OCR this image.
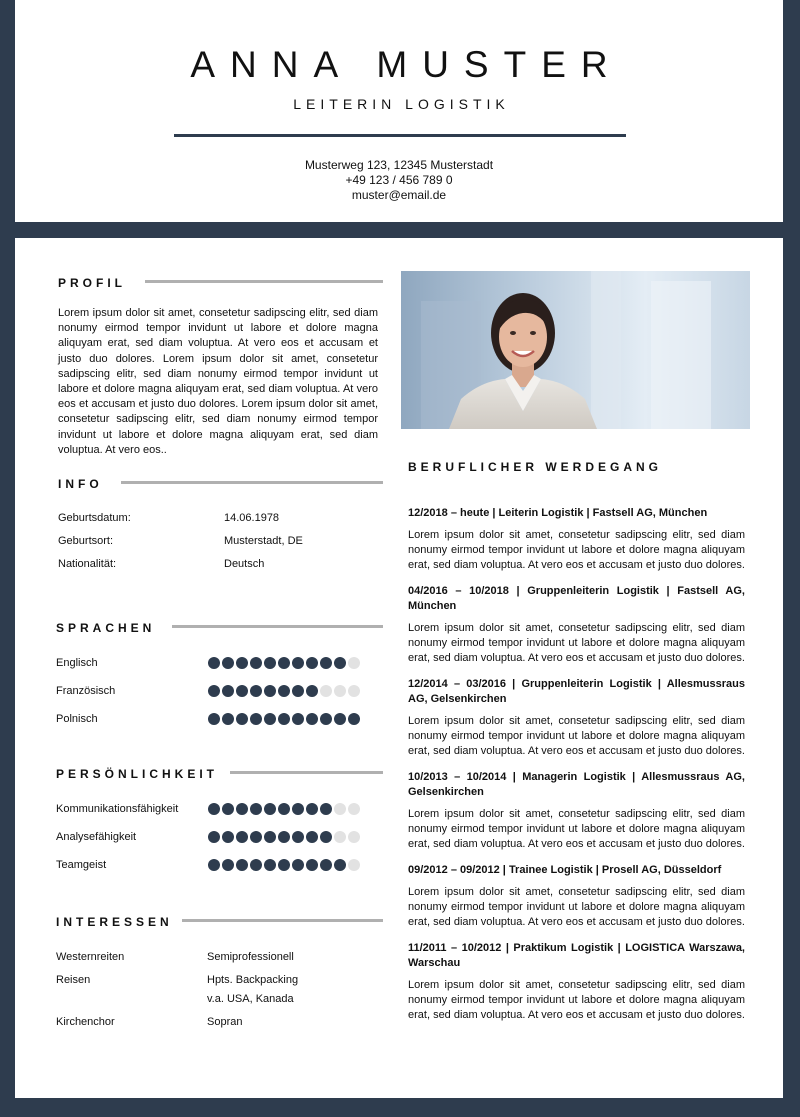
ANNA MUSTER
LEITERIN LOGISTIK
Musterweg 123, 12345 Musterstadt
+49 123 / 456 789 0
muster@email.de
PROFIL
Lorem ipsum dolor sit amet, consetetur sadipscing elitr, sed diam nonumy eirmod tempor invidunt ut labore et dolore magna aliquyam erat, sed diam voluptua. At vero eos et accusam et justo duo dolores. Lorem ipsum dolor sit amet, consetetur sadipscing elitr, sed diam nonumy eirmod tempor invidunt ut labore et dolore magna aliquyam erat, sed diam voluptua. At vero eos et accusam et justo duo dolores. Lorem ipsum dolor sit amet, consetetur sadipscing elitr, sed diam nonumy eirmod tempor invidunt ut labore et dolore magna aliquyam erat, sed diam voluptua. At vero eos..
INFO
Geburtsdatum:	14.06.1978
Geburtsort:	Musterstadt, DE
Nationalität:	Deutsch
SPRACHEN
Englisch
Französisch
Polnisch
PERSÖNLICHKEIT
Kommunikationsfähigkeit
Analysefähigkeit
Teamgeist
INTERESSEN
Westernreiten	Semiprofessionell
Reisen	Hpts. Backpacking
v.a. USA, Kanada
Kirchenchor	Sopran
BERUFLICHER WERDEGANG
12/2018 – heute | Leiterin Logistik | Fastsell AG, München
Lorem ipsum dolor sit amet, consetetur sadipscing elitr, sed diam nonumy eirmod tempor invidunt ut labore et dolore magna aliquyam erat, sed diam voluptua. At vero eos et accusam et justo duo dolores.
04/2016 – 10/2018 | Gruppenleiterin Logistik | Fastsell AG, München
Lorem ipsum dolor sit amet, consetetur sadipscing elitr, sed diam nonumy eirmod tempor invidunt ut labore et dolore magna aliquyam erat, sed diam voluptua. At vero eos et accusam et justo duo dolores.
12/2014 – 03/2016 | Gruppenleiterin Logistik | Allesmussraus AG, Gelsenkirchen
Lorem ipsum dolor sit amet, consetetur sadipscing elitr, sed diam nonumy eirmod tempor invidunt ut labore et dolore magna aliquyam erat, sed diam voluptua. At vero eos et accusam et justo duo dolores.
10/2013 – 10/2014 | Managerin Logistik | Allesmussraus AG, Gelsenkirchen
Lorem ipsum dolor sit amet, consetetur sadipscing elitr, sed diam nonumy eirmod tempor invidunt ut labore et dolore magna aliquyam erat, sed diam voluptua. At vero eos et accusam et justo duo dolores.
09/2012 – 09/2012 | Trainee Logistik | Prosell AG, Düsseldorf
Lorem ipsum dolor sit amet, consetetur sadipscing elitr, sed diam nonumy eirmod tempor invidunt ut labore et dolore magna aliquyam erat, sed diam voluptua. At vero eos et accusam et justo duo dolores.
11/2011 – 10/2012 | Praktikum Logistik | LOGISTICA Warszawa, Warschau
Lorem ipsum dolor sit amet, consetetur sadipscing elitr, sed diam nonumy eirmod tempor invidunt ut labore et dolore magna aliquyam erat, sed diam voluptua. At vero eos et accusam et justo duo dolores.
